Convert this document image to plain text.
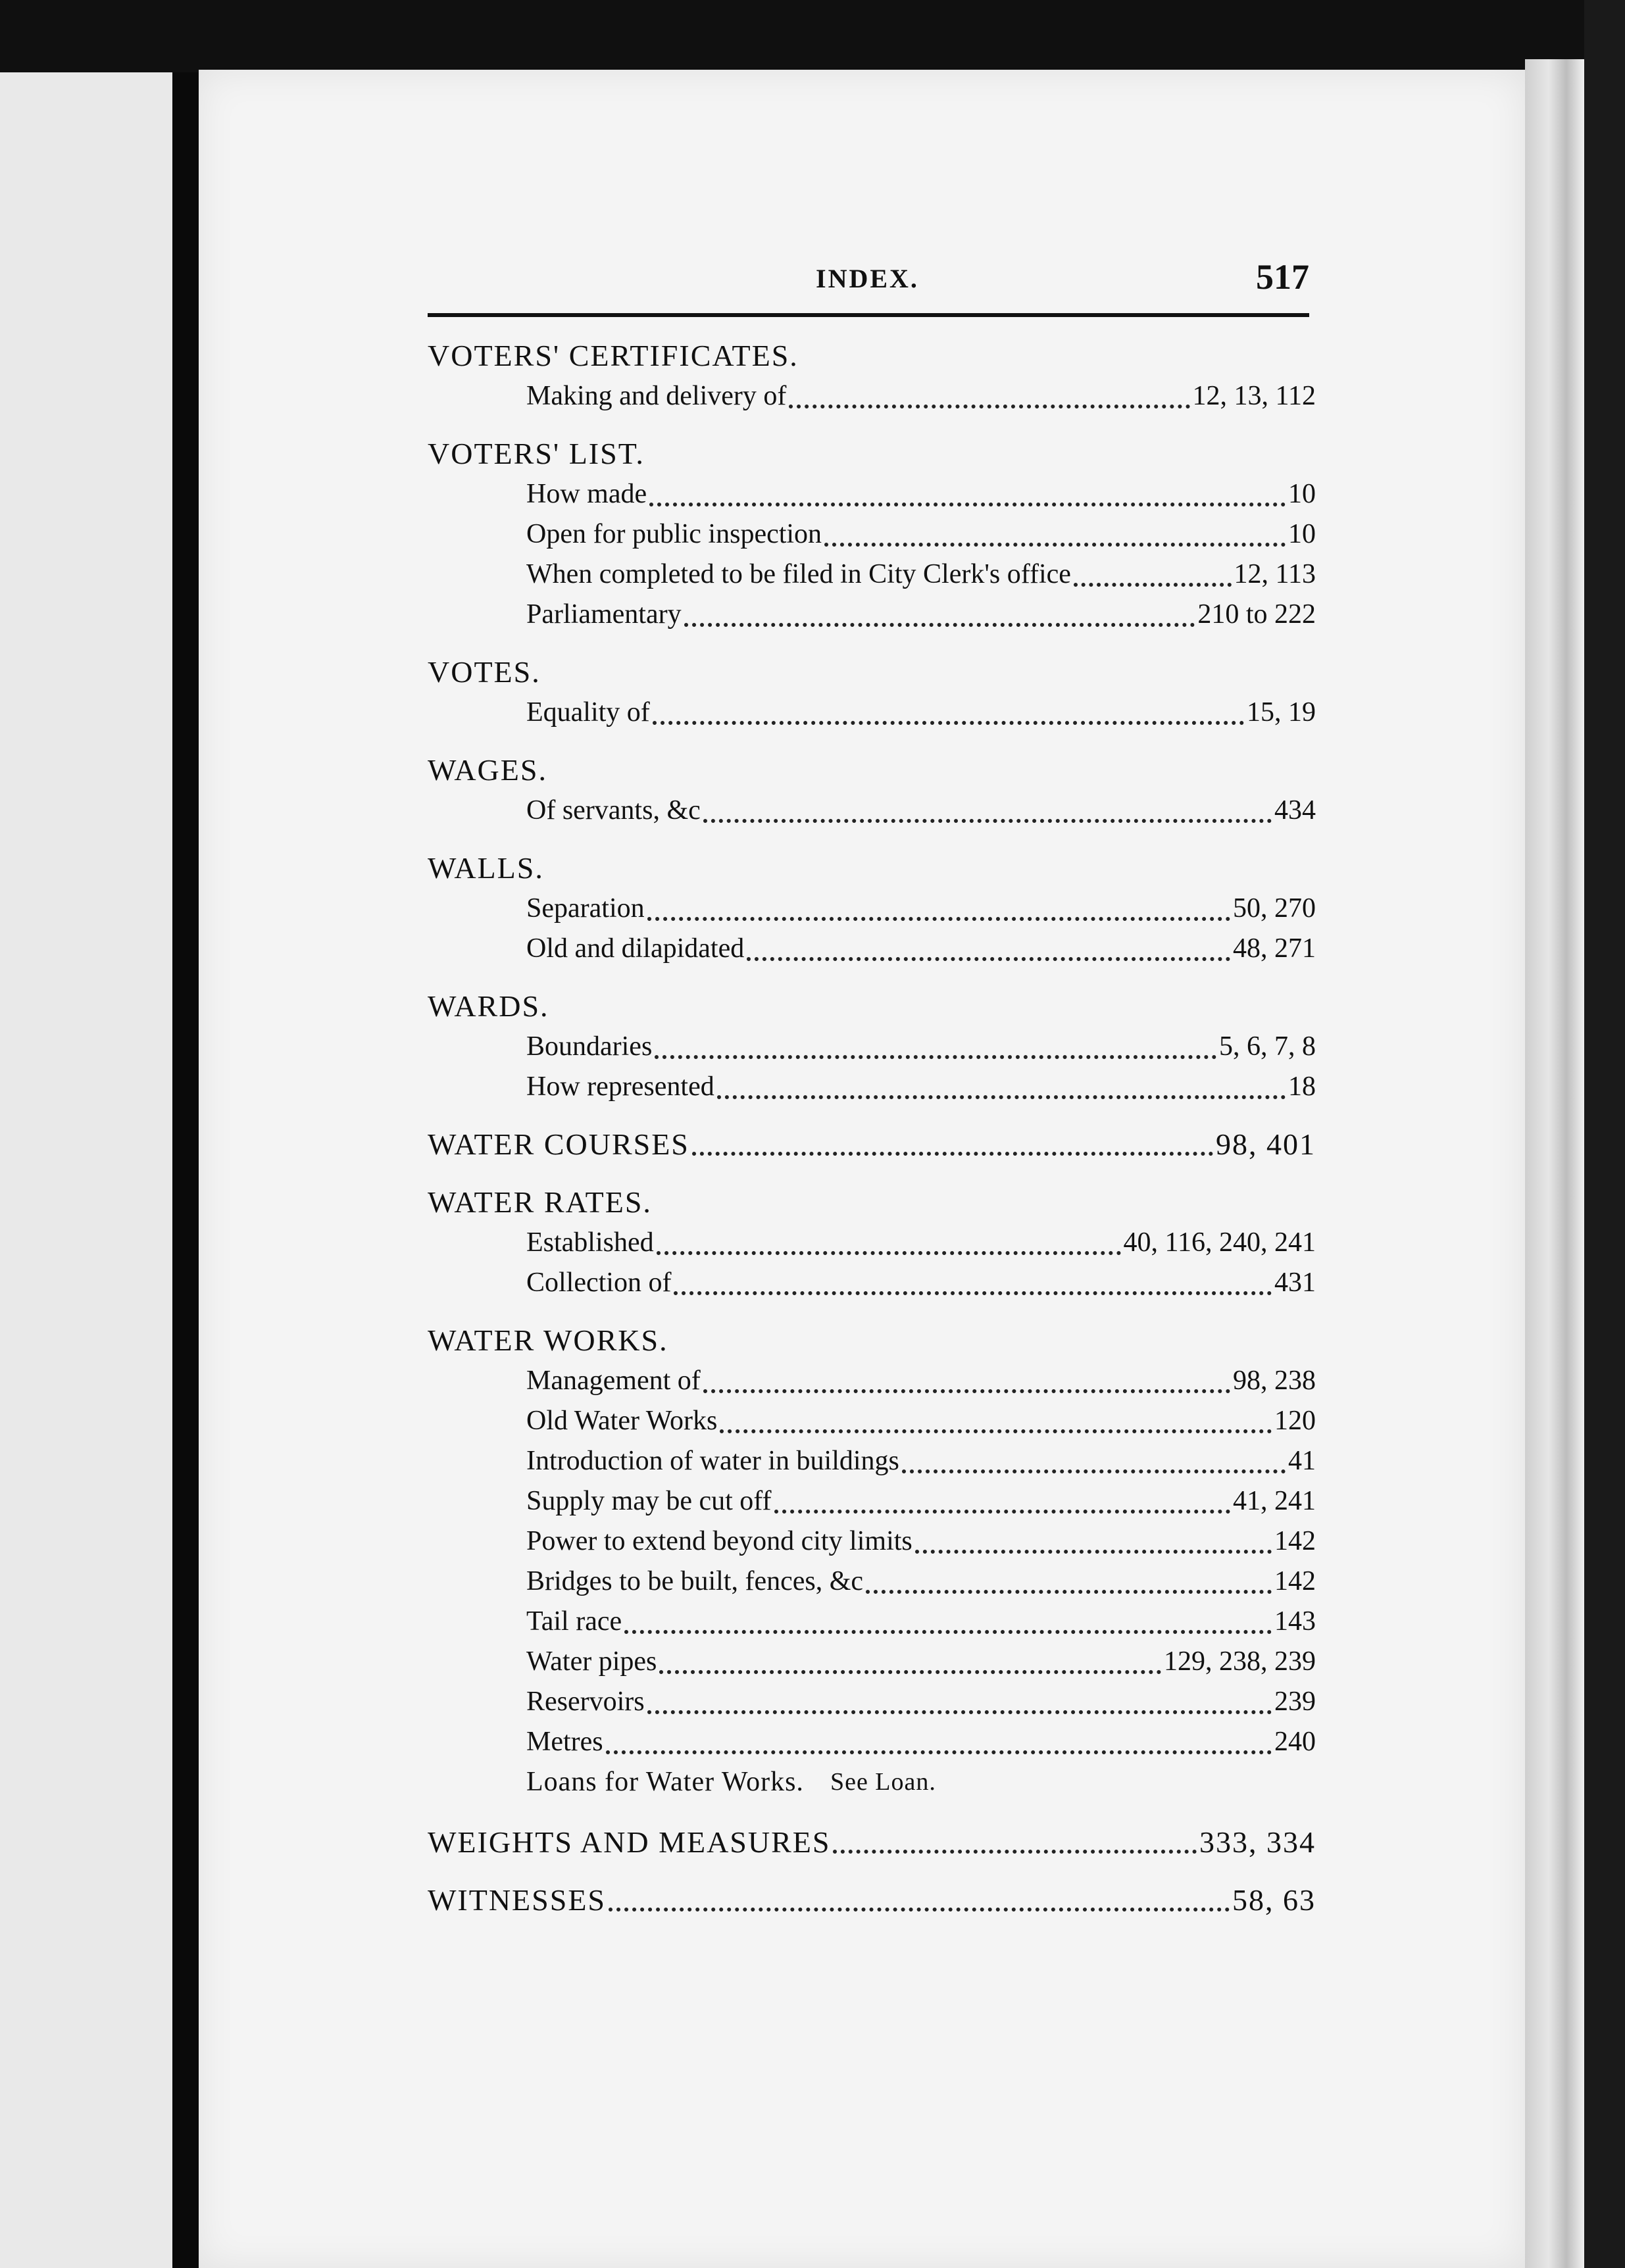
INDEX.	517
VOTERS' CERTIFICATES.
Making and delivery of	12, 13, 112
VOTERS' LIST.
How made	10
Open for public inspection	10
When completed to be filed in City Clerk's office	12, 113
Parliamentary	210 to 222
VOTES.
Equality of	15, 19
WAGES.
Of servants, &c	434
WALLS.
Separation	50, 270
Old and dilapidated	48, 271
WARDS.
Boundaries	5, 6, 7, 8
How represented	18
WATER COURSES	98, 401
WATER RATES.
Established	40, 116, 240, 241
Collection of	431
WATER WORKS.
Management of	98, 238
Old Water Works	120
Introduction of water in buildings	41
Supply may be cut off	41, 241
Power to extend beyond city limits	142
Bridges to be built, fences, &c	142
Tail race	143
Water pipes	129, 238, 239
Reservoirs	239
Metres	240
Loans for Water Works. See Loan.
WEIGHTS AND MEASURES	333, 334
WITNESSES	58, 63
